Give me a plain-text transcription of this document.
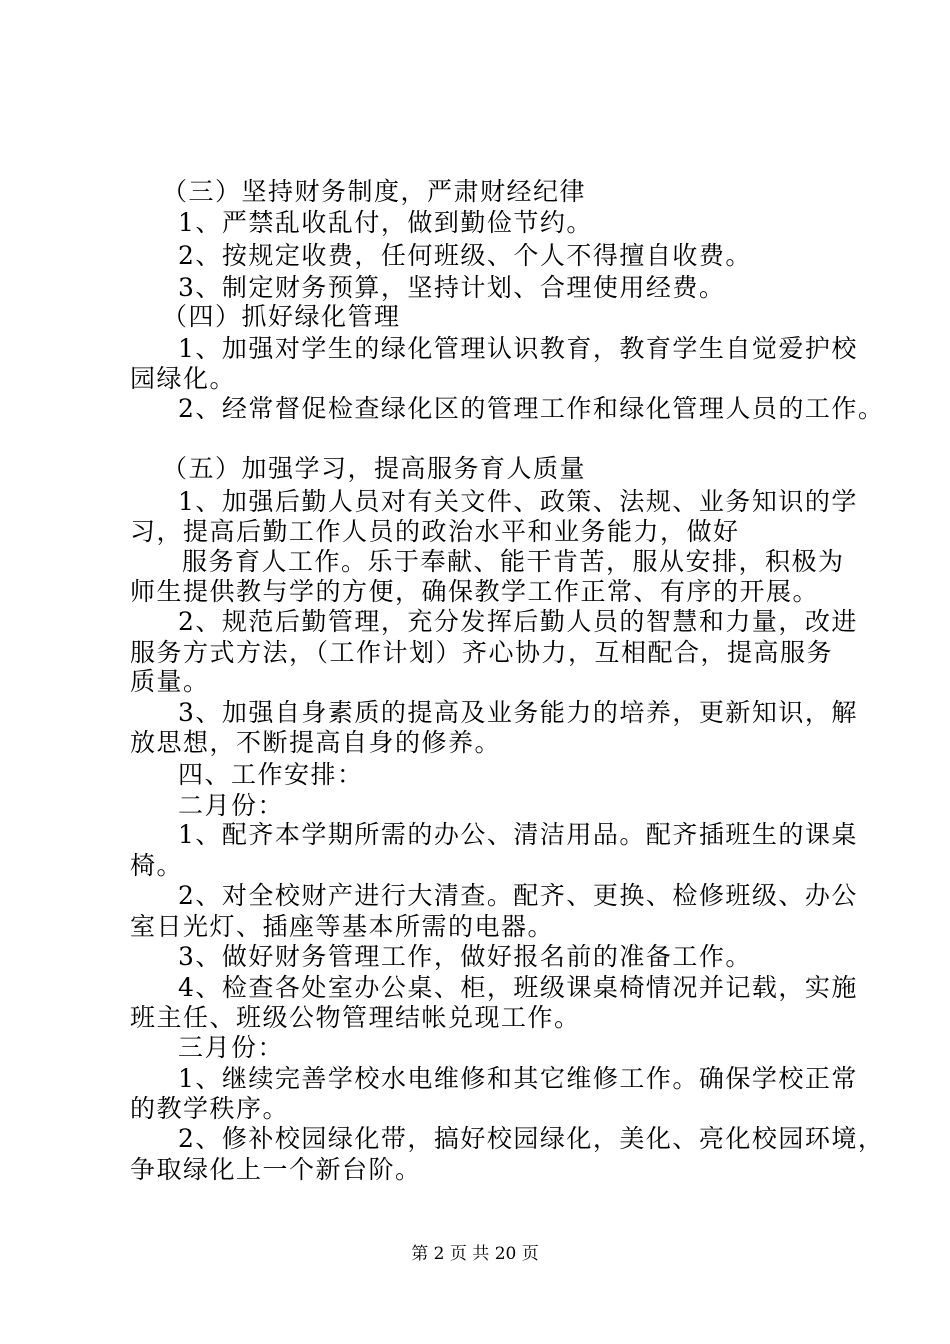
（三）坚持财务制度，严肃财经纪律
1、严禁乱收乱付，做到勤俭节约。
2、按规定收费，任何班级、个人不得擅自收费。
3、制定财务预算，坚持计划、合理使用经费。
（四）抓好绿化管理
1、加强对学生的绿化管理认识教育，教育学生自觉爱护校
园绿化。
2、经常督促检查绿化区的管理工作和绿化管理人员的工作。
（五）加强学习，提高服务育人质量
1、加强后勤人员对有关文件、政策、法规、业务知识的学
习，提高后勤工作人员的政治水平和业务能力，做好
服务育人工作。乐于奉献、能干肯苦，服从安排，积极为
师生提供教与学的方便，确保教学工作正常、有序的开展。
2、规范后勤管理，充分发挥后勤人员的智慧和力量，改进
服务方式方法，（工作计划）齐心协力，互相配合，提高服务
质量。
3、加强自身素质的提高及业务能力的培养，更新知识，解
放思想，不断提高自身的修养。
四、工作安排：
二月份：
1、配齐本学期所需的办公、清洁用品。配齐插班生的课桌
椅。
2、对全校财产进行大清查。配齐、更换、检修班级、办公
室日光灯、插座等基本所需的电器。
3、做好财务管理工作，做好报名前的准备工作。
4、检查各处室办公桌、柜，班级课桌椅情况并记载，实施
班主任、班级公物管理结帐兑现工作。
三月份：
1、继续完善学校水电维修和其它维修工作。确保学校正常
的教学秩序。
2、修补校园绿化带，搞好校园绿化，美化、亮化校园环境，
争取绿化上一个新台阶。
第 2 页 共 20 页
